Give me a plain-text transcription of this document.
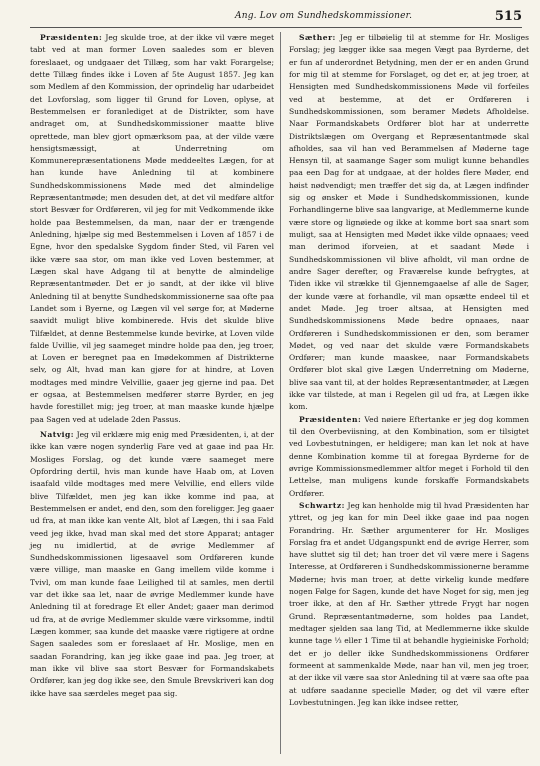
Ang. Lov om Sundhedskommissioner.	515

Præsidenten: Jeg skulde troe, at der ikke vil være meget tabt ved at man former Loven saaledes som er bleven foreslaaet, og undgaaer det Tillæg, som har vakt Forargelse; dette Tillæg findes ikke i Loven af 5te August 1857. Jeg kan som Medlem af den Kommission, der oprindelig har udarbeidet det Lovforslag, som ligger til Grund for Loven, oplyse, at Bestemmelsen er foranlediget at de Distrikter, som have andraget om, at Sundhedskommissioner maatte blive oprettede, man blev gjort opmærksom paa, at der vilde være hensigtsmæssigt, at Underretning om Kommunerepræsentationens Møde meddeeltes Lægen, for at han kunde have Anledning til at kombinere Sundhedskommissionens Møde med det almindelige Repræsentantmøde; men desuden det, at det vil medføre altfor stort Besvær for Ordføreren, vil jeg for mit Vedkommende ikke holde paa Bestemmelsen, da man, naar der er trængende Anledning, hjælpe sig med Bestemmelsen i Loven af 1857 i de Egne, hvor den spedalske Sygdom finder Sted, vil Faren vel ikke være saa stor, om man ikke ved Loven bestemmer, at Lægen skal have Adgang til at benytte de almindelige Repræsentantmøder. Det er jo sandt, at der ikke vil blive Anledning til at benytte Sundhedskommissionerne saa ofte paa Landet som i Byerne, og Lægen vil vel sørge for, at Møderne saavidt muligt blive kombinerede. Hvis det skulde blive Tilfældet, at denne Bestemmelse kunde bevirke, at Loven vilde falde Uvillie, vil jeg saameget mindre holde paa den, jeg troer, at Loven er beregnet paa en Imødekommen af Distrikterne selv, og Alt, hvad man kan gjøre for at hindre, at Loven modtages med mindre Velvillie, gaaer jeg gjerne ind paa. Det er ogsaa, at Bestemmelsen medfører større Byrder, en jeg havde forestillet mig; jeg troer, at man maaske kunde hjælpe paa Sagen ved at udelade 2den Passus.

Natvig: Jeg vil erklære mig enig med Præsidenten, i, at der ikke kan være nogen synderlig Fare ved at gaae ind paa Hr. Mosliges Forslag, og det kunde være saameget mere Opfordring dertil, hvis man kunde have Haab om, at Loven isaafald vilde modtages med mere Velvillie, end ellers vilde blive Tilfældet, men jeg kan ikke komme ind paa, at Bestemmelsen er andet, end den, som den foreligger. Jeg gaaer ud fra, at man ikke kan vente Alt, blot af Lægen, thi i saa Fald veed jeg ikke, hvad man skal med det store Apparat; antager jeg nu imidlertid, at de øvrige Medlemmer af Sundhedskommissionen ligesaavel som Ordføreren kunde være villige, man maaske en Gang imellem vilde komme i Tvivl, om man kunde faae Leilighed til at samles, men dertil var det ikke saa let, naar de øvrige Medlemmer kunde have Anledning til at foredrage Et eller Andet; gaaer man derimod ud fra, at de øvrige Medlemmer skulde være virksomme, indtil Lægen kommer, saa kunde det maaske være rigtigere at ordne Sagen saaledes som er foreslaaet af Hr. Moslige, men en saadan Forandring, kan jeg ikke gaae ind paa. Jeg troer, at man ikke vil blive saa stort Besvær for Formandskabets Ordfører, kan jeg dog ikke see, den Smule Brevskriveri kan dog ikke have saa særdeles meget paa sig.

Sæther: Jeg er tilbøielig til at stemme for Hr. Mosliges Forslag; jeg lægger ikke saa megen Vægt paa Byrderne, det er fun af underordnet Betydning, men der er en anden Grund for mig til at stemme for Forslaget, og det er, at jeg troer, at Hensigten med Sundhedskommissionens Møde vil forfeiles ved at bestemme, at det er Ordføreren i Sundhedskommissionen, som beramer Mødets Afholdelse. Naar Formandskabets Ordfører blot har at underrette Distriktslægen om Overgang et Repræsentantmøde skal afholdes, saa vil han ved Berammelsen af Møderne tage Hensyn til, at saamange Sager som muligt kunne behandles paa een Dag for at undgaae, at der holdes flere Møder, end høist nødvendigt; men træffer det sig da, at Lægen indfinder sig og ønsker et Møde i Sundhedskommissionen, kunde Forhandlingerne blive saa langvarige, at Medlemmerne kunde være store og lignøiede og ikke at komme bort saa snart som muligt, saa at Hensigten med Mødet ikke vilde opnaaes; veed man derimod iforveien, at et saadant Møde i Sundhedskommissionen vil blive afholdt, vil man ordne de andre Sager derefter, og Fraværelse kunde befrygtes, at Tiden ikke vil strække til Gjennemgaaelse af alle de Sager, der kunde være at forhandle, vil man opsætte endeel til et andet Møde. Jeg troer altsaa, at Hensigten med Sundhedskommissionens Møde bedre opnaaes, naar Ordføreren i Sundhedskommissionen er den, som beramer Mødet, og ved naar det skulde være Formandskabets Ordfører; man kunde maaskee, naar Formandskabets Ordfører blot skal give Lægen Underretning om Møderne, blive saa vant til, at der holdes Repræsentantmøder, at Lægen ikke var tilstede, at man i Regelen gil ud fra, at Lægen ikke kom.

Præsidenten: Ved nøiere Eftertanke er jeg dog kommen til den Overbeviisning, at den Kombination, som er tilsigtet ved Lovbestutningen, er heldigere; man kan let nok at have denne Kombination komme til at foregaa Byrderne for de øvrige Kommissionsmedlemmer altfor meget i Forhold til den Lettelse, man muligens kunde forskaffe Formandskabets Ordfører.

Schwartz: Jeg kan henholde mig til hvad Præsidenten har yttret, og jeg kan for min Deel ikke gaae ind paa nogen Forandring. Hr. Sæther argumenterer for Hr. Mosliges Forslag fra et andet Udgangspunkt end de øvrige Herrer, som have sluttet sig til det; han troer det vil være mere i Sagens Interesse, at Ordføreren i Sundhedskommissionerne beramme Møderne; hvis man troer, at dette virkelig kunde medføre nogen Følge for Sagen, kunde det have Noget for sig, men jeg troer ikke, at den af Hr. Sæther yttrede Frygt har nogen Grund. Repræsentantmøderne, som holdes paa Landet, medtager sjelden saa lang Tid, at Medlemmerne ikke skulde kunne tage ⅓ eller 1 Time til at behandle hygieiniske Forhold; det er jo deller ikke Sundhedskommissionens Ordfører formeent at sammenkalde Møde, naar han vil, men jeg troer, at der ikke vil være saa stor Anledning til at være saa ofte paa at udføre saadanne specielle Møder, og det vil være efter Lovbestutningen. Jeg kan ikke indsee retter,
